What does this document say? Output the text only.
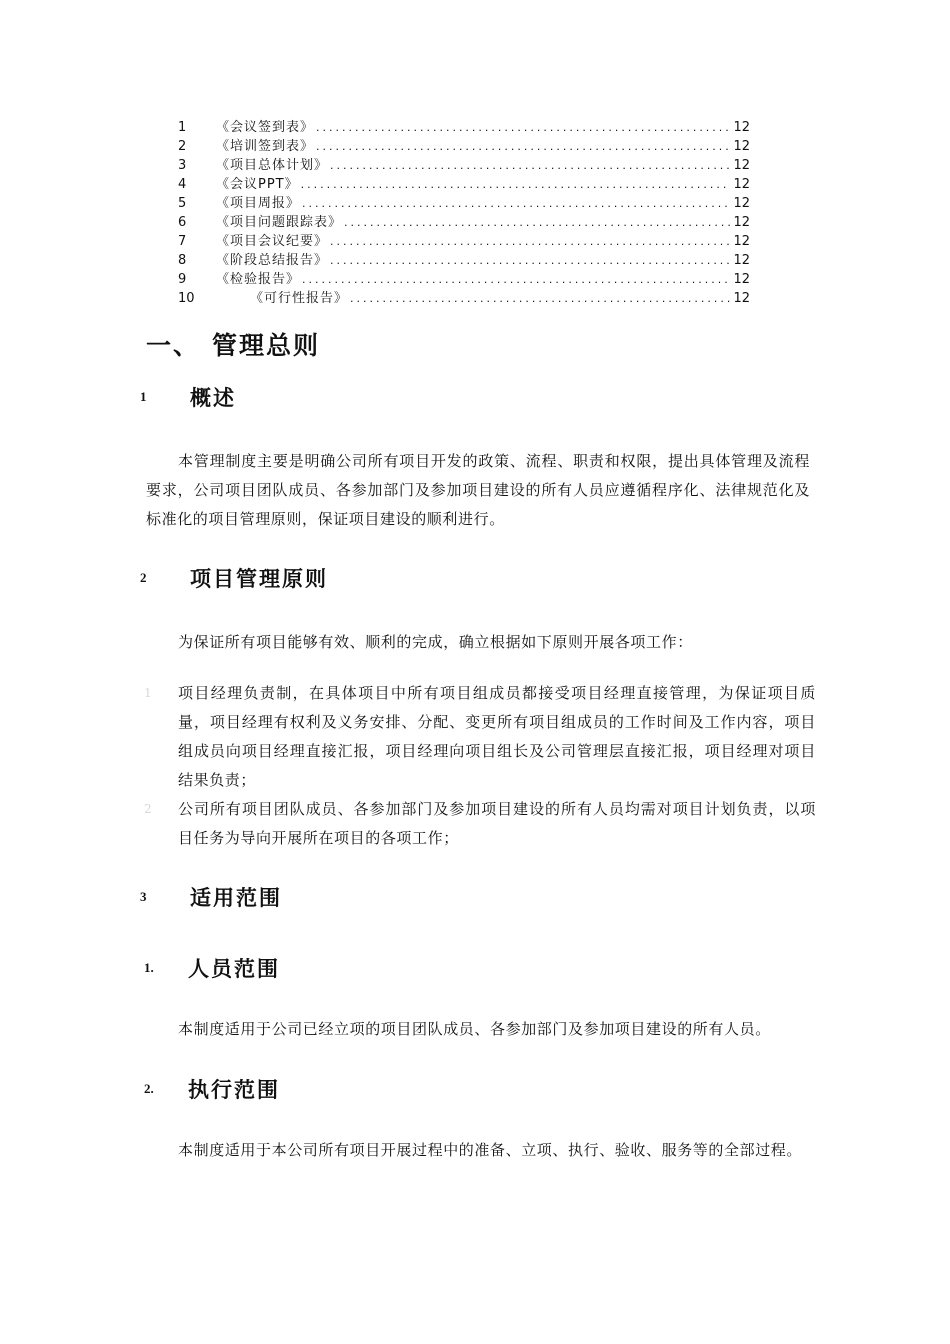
1	《会议签到表》 .....	12
2	《培训签到表》 .....	12
3	《项目总体计划》 .....	12
4	《会议PPT》 .....	12
5	《项目周报》 .....	12
6	《项目问题跟踪表》 .....	12
7	《项目会议纪要》 .....	12
8	《阶段总结报告》 .....	12
9	《检验报告》 .....	12
10	《可行性报告》 .....	12
一、 管理总则
1	概述

本管理制度主要是明确公司所有项目开发的政策、流程、职责和权限，提出具体管理及流程要求，公司项目团队成员、各参加部门及参加项目建设的所有人员应遵循程序化、法律规范化及标准化的项目管理原则，保证项目建设的顺利进行。

2	项目管理原则

为保证所有项目能够有效、顺利的完成，确立根据如下原则开展各项工作：

1	项目经理负责制，在具体项目中所有项目组成员都接受项目经理直接管理，为保证项目质量，项目经理有权利及义务安排、分配、变更所有项目组成员的工作时间及工作内容，项目组成员向项目经理直接汇报，项目经理向项目组长及公司管理层直接汇报，项目经理对项目结果负责；
2	公司所有项目团队成员、各参加部门及参加项目建设的所有人员均需对项目计划负责，以项目任务为导向开展所在项目的各项工作；
3	适用范围
1.	人员范围

本制度适用于公司已经立项的项目团队成员、各参加部门及参加项目建设的所有人员。

2.	执行范围

本制度适用于本公司所有项目开展过程中的准备、立项、执行、验收、服务等的全部过程。
